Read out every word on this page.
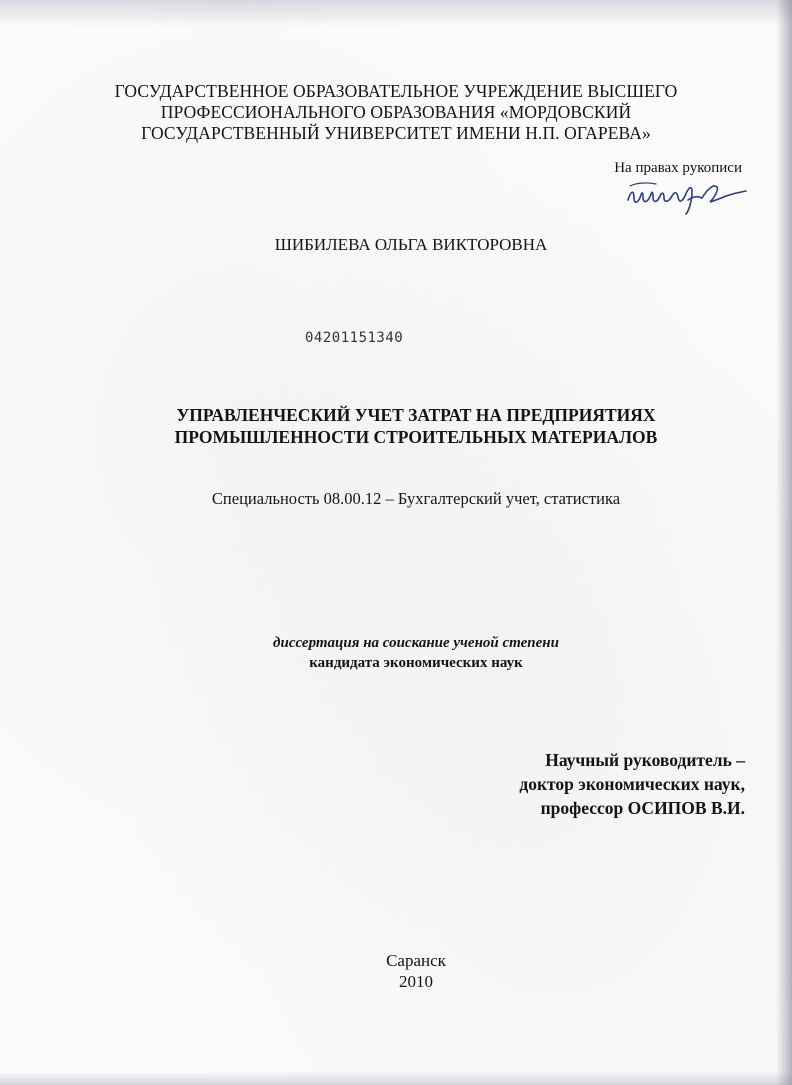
ГОСУДАРСТВЕННОЕ ОБРАЗОВАТЕЛЬНОЕ УЧРЕЖДЕНИЕ ВЫСШЕГО
ПРОФЕССИОНАЛЬНОГО ОБРАЗОВАНИЯ «МОРДОВСКИЙ
ГОСУДАРСТВЕННЫЙ УНИВЕРСИТЕТ ИМЕНИ Н.П. ОГАРЕВА»
На правах рукописи
ШИБИЛЕВА ОЛЬГА ВИКТОРОВНА
04201151340
УПРАВЛЕНЧЕСКИЙ УЧЕТ ЗАТРАТ НА ПРЕДПРИЯТИЯХ
ПРОМЫШЛЕННОСТИ СТРОИТЕЛЬНЫХ МАТЕРИАЛОВ
Специальность 08.00.12 – Бухгалтерский учет, статистика
диссертация на соискание ученой степени
кандидата экономических наук
Научный руководитель –
доктор экономических наук,
профессор ОСИПОВ В.И.
Саранск
2010
